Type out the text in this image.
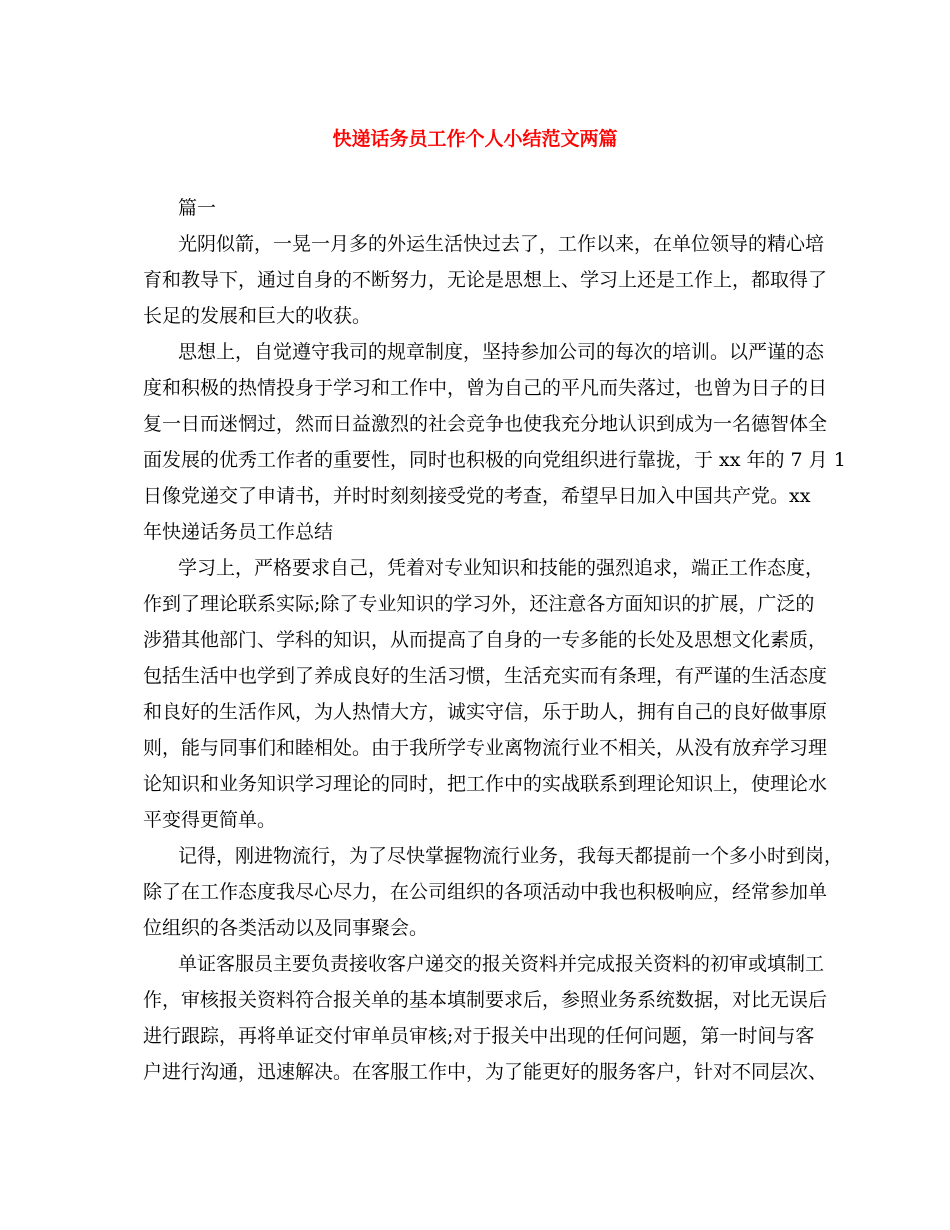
快递话务员工作个人小结范文两篇

篇一

光阴似箭，一晃一月多的外运生活快过去了，工作以来，在单位领导的精心培

育和教导下，通过自身的不断努力，无论是思想上、学习上还是工作上，都取得了

长足的发展和巨大的收获。

思想上，自觉遵守我司的规章制度，坚持参加公司的每次的培训。以严谨的态

度和积极的热情投身于学习和工作中，曾为自己的平凡而失落过，也曾为日子的日

复一日而迷惘过，然而日益激烈的社会竞争也使我充分地认识到成为一名德智体全

面发展的优秀工作者的重要性，同时也积极的向党组织进行靠拢，于 xx 年的 7 月 1

日像党递交了申请书，并时时刻刻接受党的考查，希望早日加入中国共产党。xx

年快递话务员工作总结

学习上，严格要求自己，凭着对专业知识和技能的强烈追求，端正工作态度，

作到了理论联系实际;除了专业知识的学习外，还注意各方面知识的扩展，广泛的

涉猎其他部门、学科的知识，从而提高了自身的一专多能的长处及思想文化素质，

包括生活中也学到了养成良好的生活习惯，生活充实而有条理，有严谨的生活态度

和良好的生活作风，为人热情大方，诚实守信，乐于助人，拥有自己的良好做事原

则，能与同事们和睦相处。由于我所学专业离物流行业不相关，从没有放弃学习理

论知识和业务知识学习理论的同时，把工作中的实战联系到理论知识上，使理论水

平变得更简单。

记得，刚进物流行，为了尽快掌握物流行业务，我每天都提前一个多小时到岗，

除了在工作态度我尽心尽力，在公司组织的各项活动中我也积极响应，经常参加单

位组织的各类活动以及同事聚会。

单证客服员主要负责接收客户递交的报关资料并完成报关资料的初审或填制工

作，审核报关资料符合报关单的基本填制要求后，参照业务系统数据，对比无误后

进行跟踪，再将单证交付审单员审核;对于报关中出现的任何问题，第一时间与客

户进行沟通，迅速解决。在客服工作中，为了能更好的服务客户，针对不同层次、
